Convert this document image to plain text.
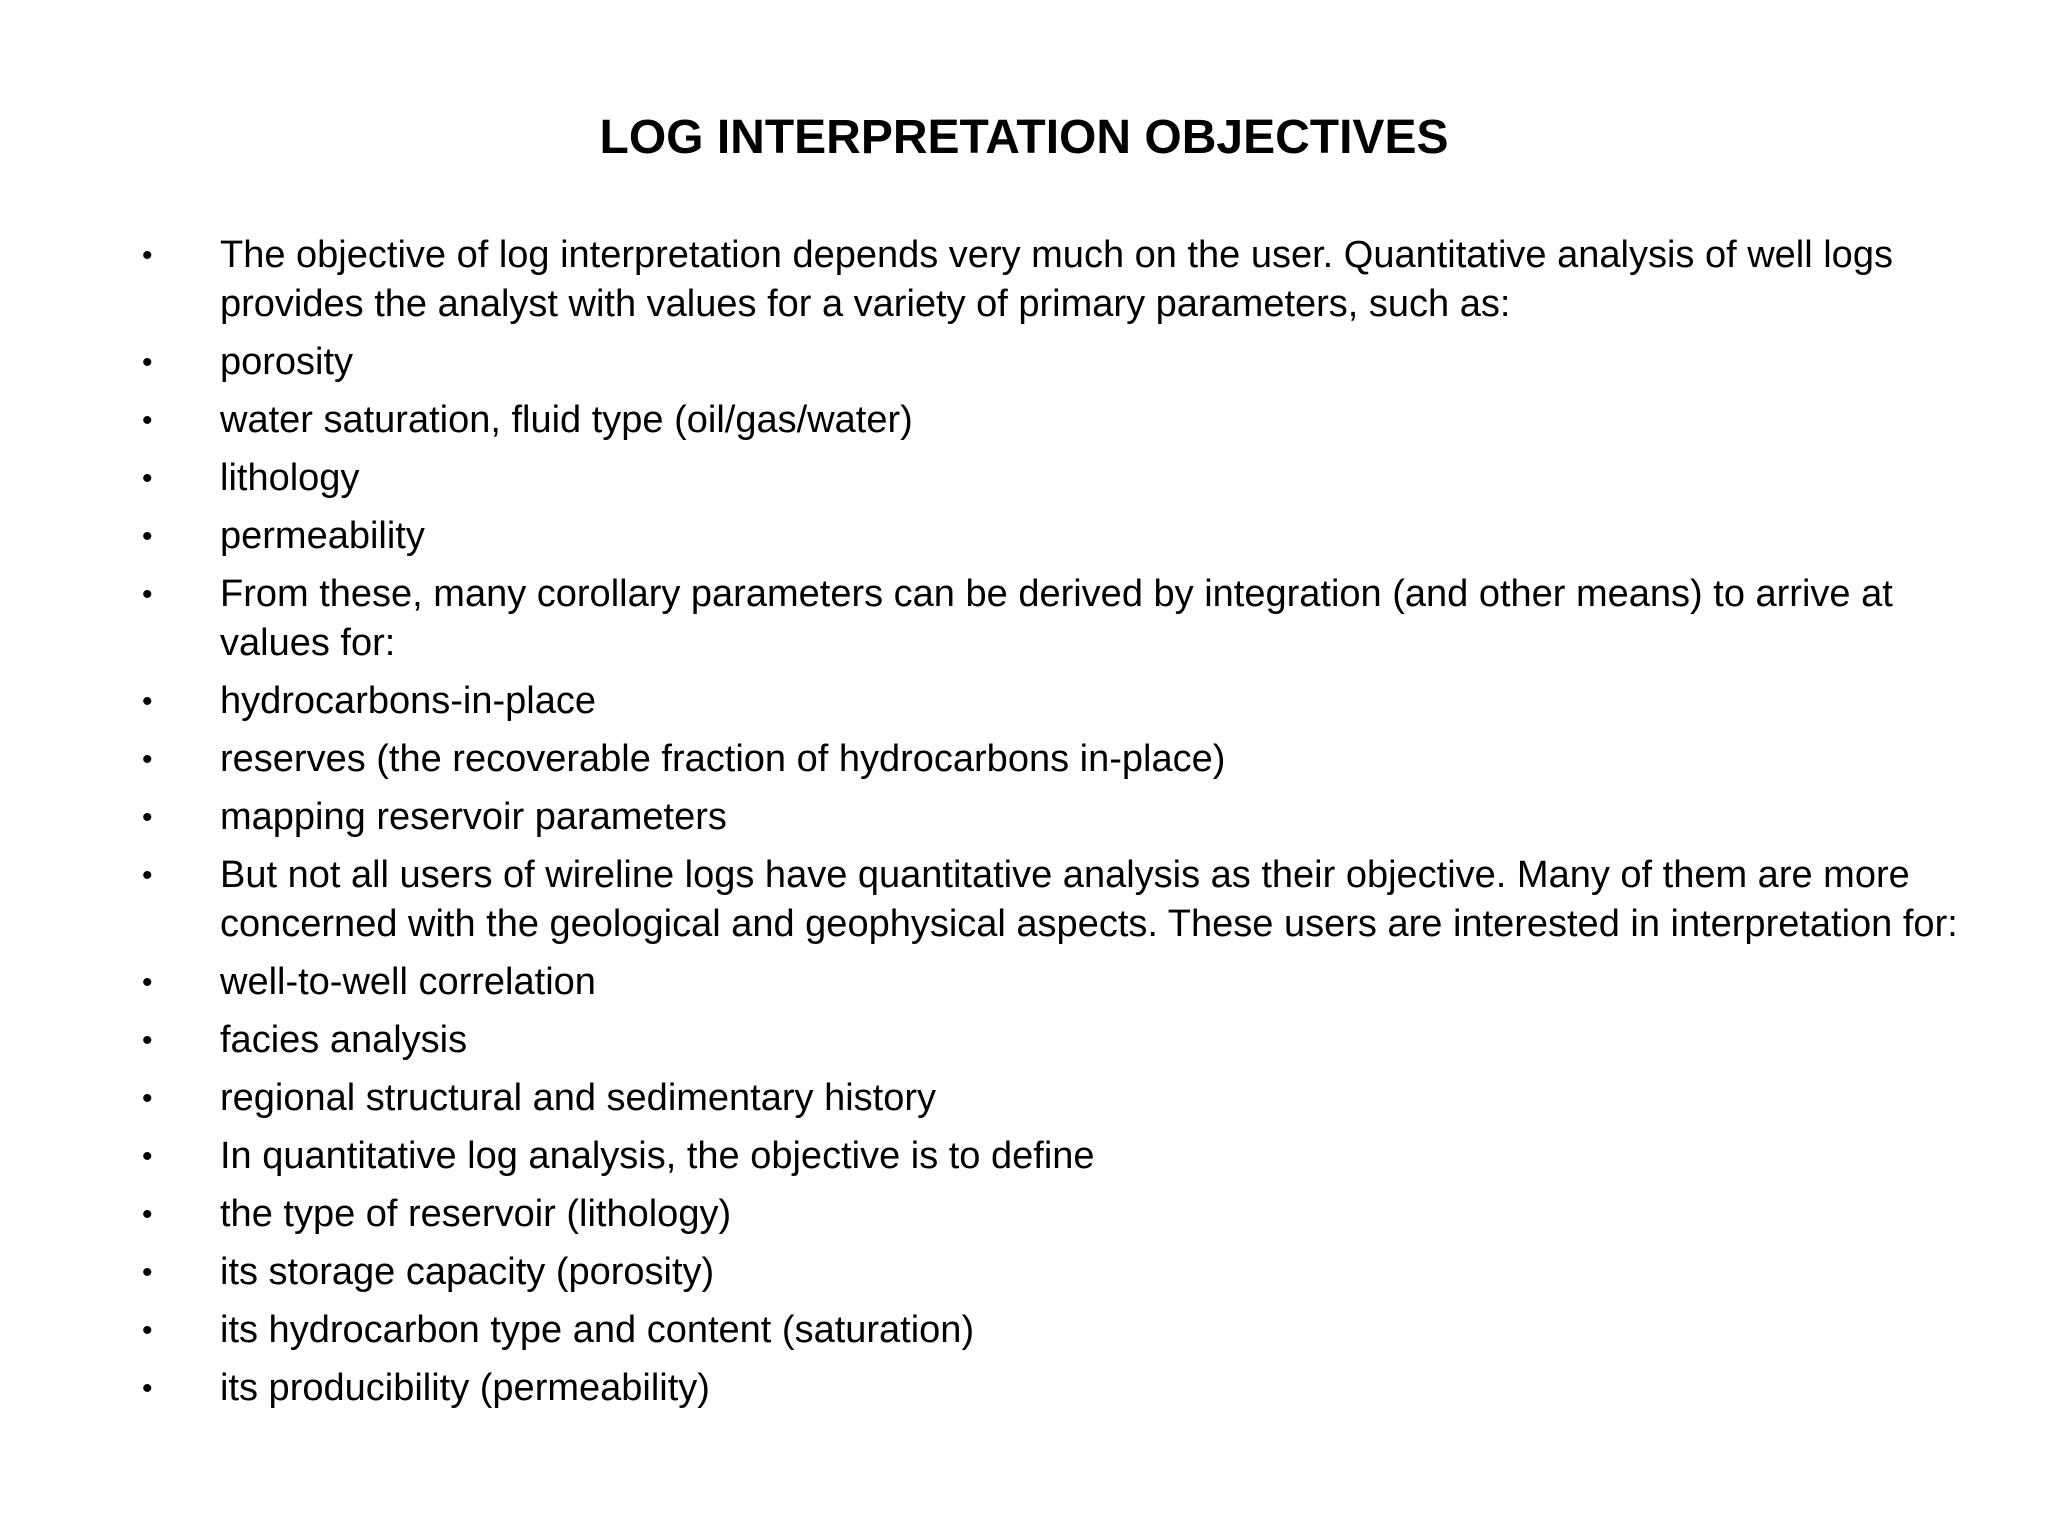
LOG INTERPRETATION OBJECTIVES
• The objective of log interpretation depends very much on the user. Quantitative analysis of well logs provides the analyst with values for a variety of primary parameters, such as:
• porosity
• water saturation, fluid type (oil/gas/water)
• lithology
• permeability
• From these, many corollary parameters can be derived by integration (and other means) to arrive at values for:
• hydrocarbons-in-place
• reserves (the recoverable fraction of hydrocarbons in-place)
• mapping reservoir parameters
• But not all users of wireline logs have quantitative analysis as their objective. Many of them are more concerned with the geological and geophysical aspects. These users are interested in interpretation for:
• well-to-well correlation
• facies analysis
• regional structural and sedimentary history
• In quantitative log analysis, the objective is to define
• the type of reservoir (lithology)
• its storage capacity (porosity)
• its hydrocarbon type and content (saturation)
• its producibility (permeability)
